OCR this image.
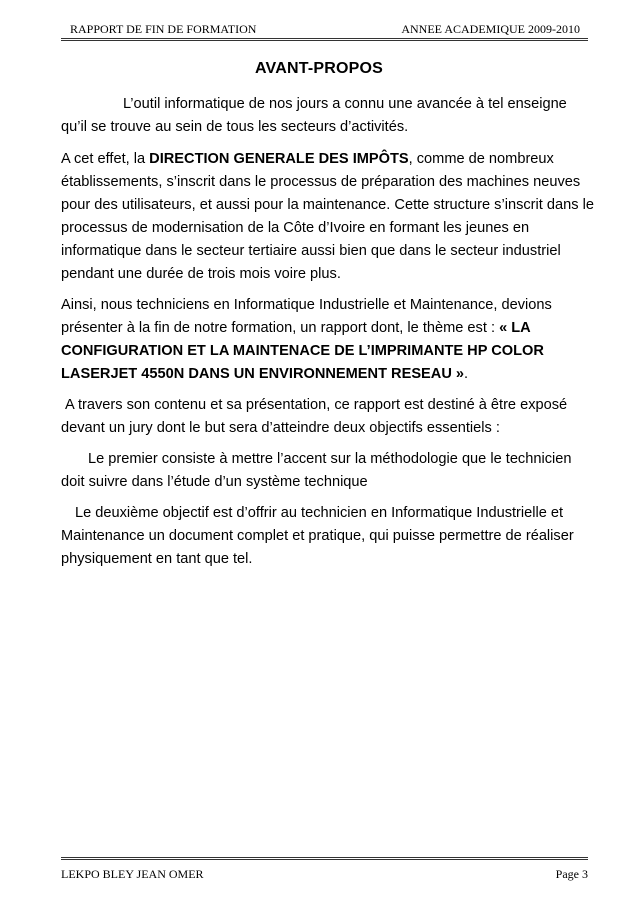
RAPPORT DE FIN DE FORMATION	ANNEE ACADEMIQUE 2009-2010
AVANT-PROPOS

L’outil informatique de nos jours a connu une avancée à tel enseigne qu’il se trouve au sein de tous les secteurs d’activités.

A cet effet, la DIRECTION GENERALE DES IMPÔTS, comme de nombreux établissements, s’inscrit dans le processus de préparation des machines neuves pour des utilisateurs, et aussi pour la maintenance. Cette structure s’inscrit dans le processus de modernisation de la Côte d’Ivoire en formant les jeunes en informatique dans le secteur tertiaire aussi bien que dans le secteur industriel pendant une durée de trois mois voire plus.

Ainsi, nous techniciens en Informatique Industrielle et Maintenance, devions présenter à la fin de notre formation, un rapport dont, le thème est : « LA CONFIGURATION ET LA MAINTENACE DE L’IMPRIMANTE HP COLOR LASERJET 4550N DANS UN ENVIRONNEMENT RESEAU ».

A travers son contenu et sa présentation, ce rapport est destiné à être exposé devant un jury dont le but sera d’atteindre deux objectifs essentiels :

Le premier consiste à mettre l’accent sur la méthodologie que le technicien doit suivre dans l’étude d’un système technique

Le deuxième objectif est d’offrir au technicien en Informatique Industrielle et Maintenance un document complet et pratique, qui puisse permettre de réaliser physiquement en tant que tel.

LEKPO BLEY JEAN OMER	Page 3
